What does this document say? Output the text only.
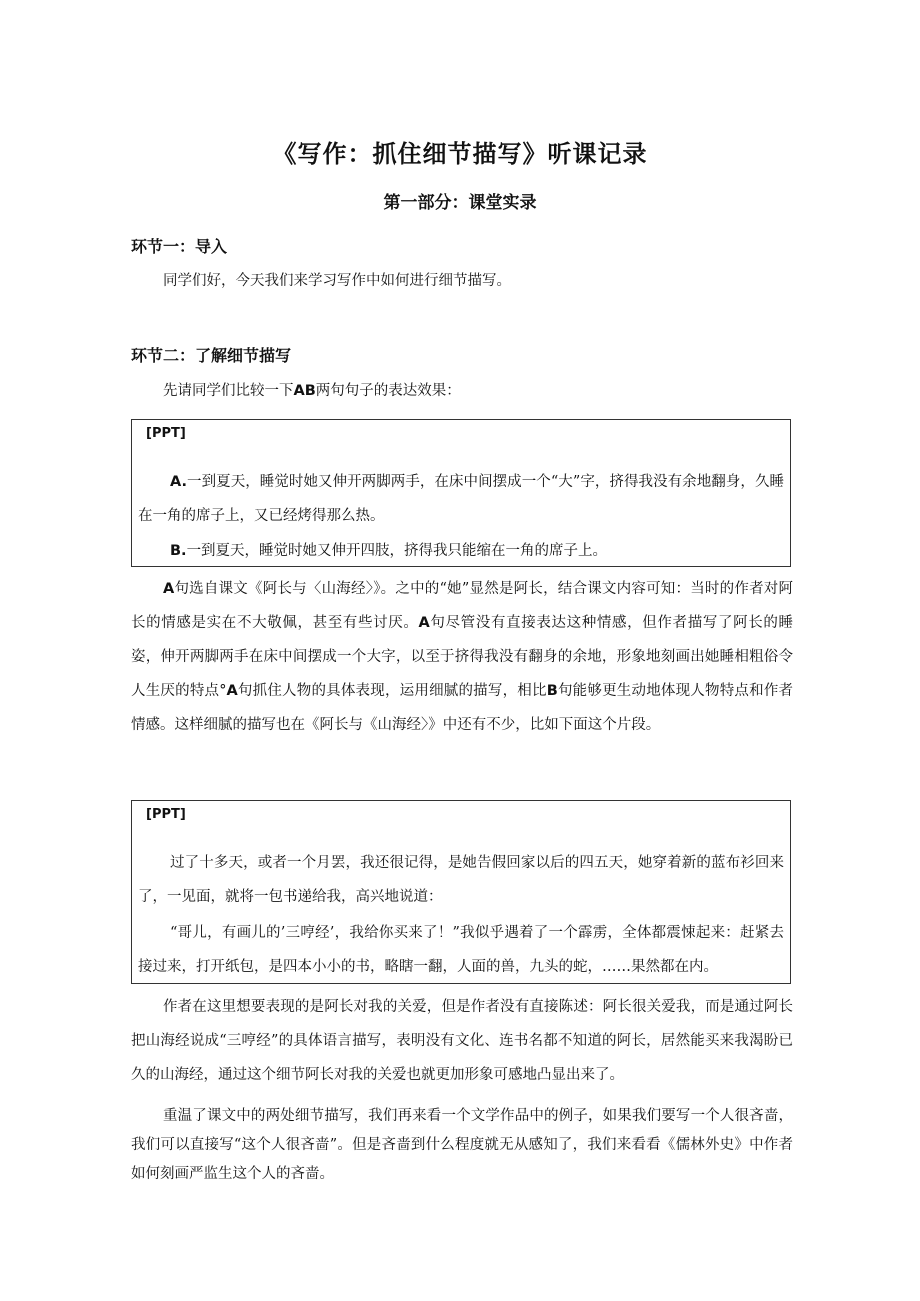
《写作：抓住细节描写》听课记录
第一部分：课堂实录
环节一：导入

同学们好，今天我们来学习写作中如何进行细节描写。

环节二：了解细节描写

先请同学们比较一下AB两句句子的表达效果：

[PPT]

A.一到夏天，睡觉时她又伸开两脚两手，在床中间摆成一个“大”字，挤得我没有余地翻身，久睡在一角的席子上，又已经烤得那么热。

B.一到夏天，睡觉时她又伸开四肢，挤得我只能缩在一角的席子上。

A句选自课文《阿长与〈山海经〉》。之中的“她”显然是阿长，结合课文内容可知：当时的作者对阿长的情感是实在不大敬佩，甚至有些讨厌。A句尽管没有直接表达这种情感，但作者描写了阿长的睡姿，伸开两脚两手在床中间摆成一个大字，以至于挤得我没有翻身的余地，形象地刻画出她睡相粗俗令人生厌的特点°A句抓住人物的具体表现，运用细腻的描写，相比B句能够更生动地体现人物特点和作者情感。这样细腻的描写也在《阿长与《山海经〉》中还有不少，比如下面这个片段。

[PPT]

过了十多天，或者一个月罢，我还很记得，是她告假回家以后的四五天，她穿着新的蓝布衫回来了，一见面，就将一包书递给我，高兴地说道：

“哥儿，有画儿的’三哼经’，我给你买来了！”我似乎遇着了一个霹雳，全体都震悚起来：赶紧去接过来，打开纸包，是四本小小的书，略瞎一翻，人面的兽，九头的蛇，……果然都在内。

作者在这里想要表现的是阿长对我的关爱，但是作者没有直接陈述：阿长很关爱我，而是通过阿长把山海经说成“三哼经”的具体语言描写，表明没有文化、连书名都不知道的阿长，居然能买来我渴盼已久的山海经，通过这个细节阿长对我的关爱也就更加形象可感地凸显出来了。

重温了课文中的两处细节描写，我们再来看一个文学作品中的例子，如果我们要写一个人很吝啬，我们可以直接写“这个人很吝啬”。但是吝啬到什么程度就无从感知了，我们来看看《儒林外史》中作者如何刻画严监生这个人的吝啬。
